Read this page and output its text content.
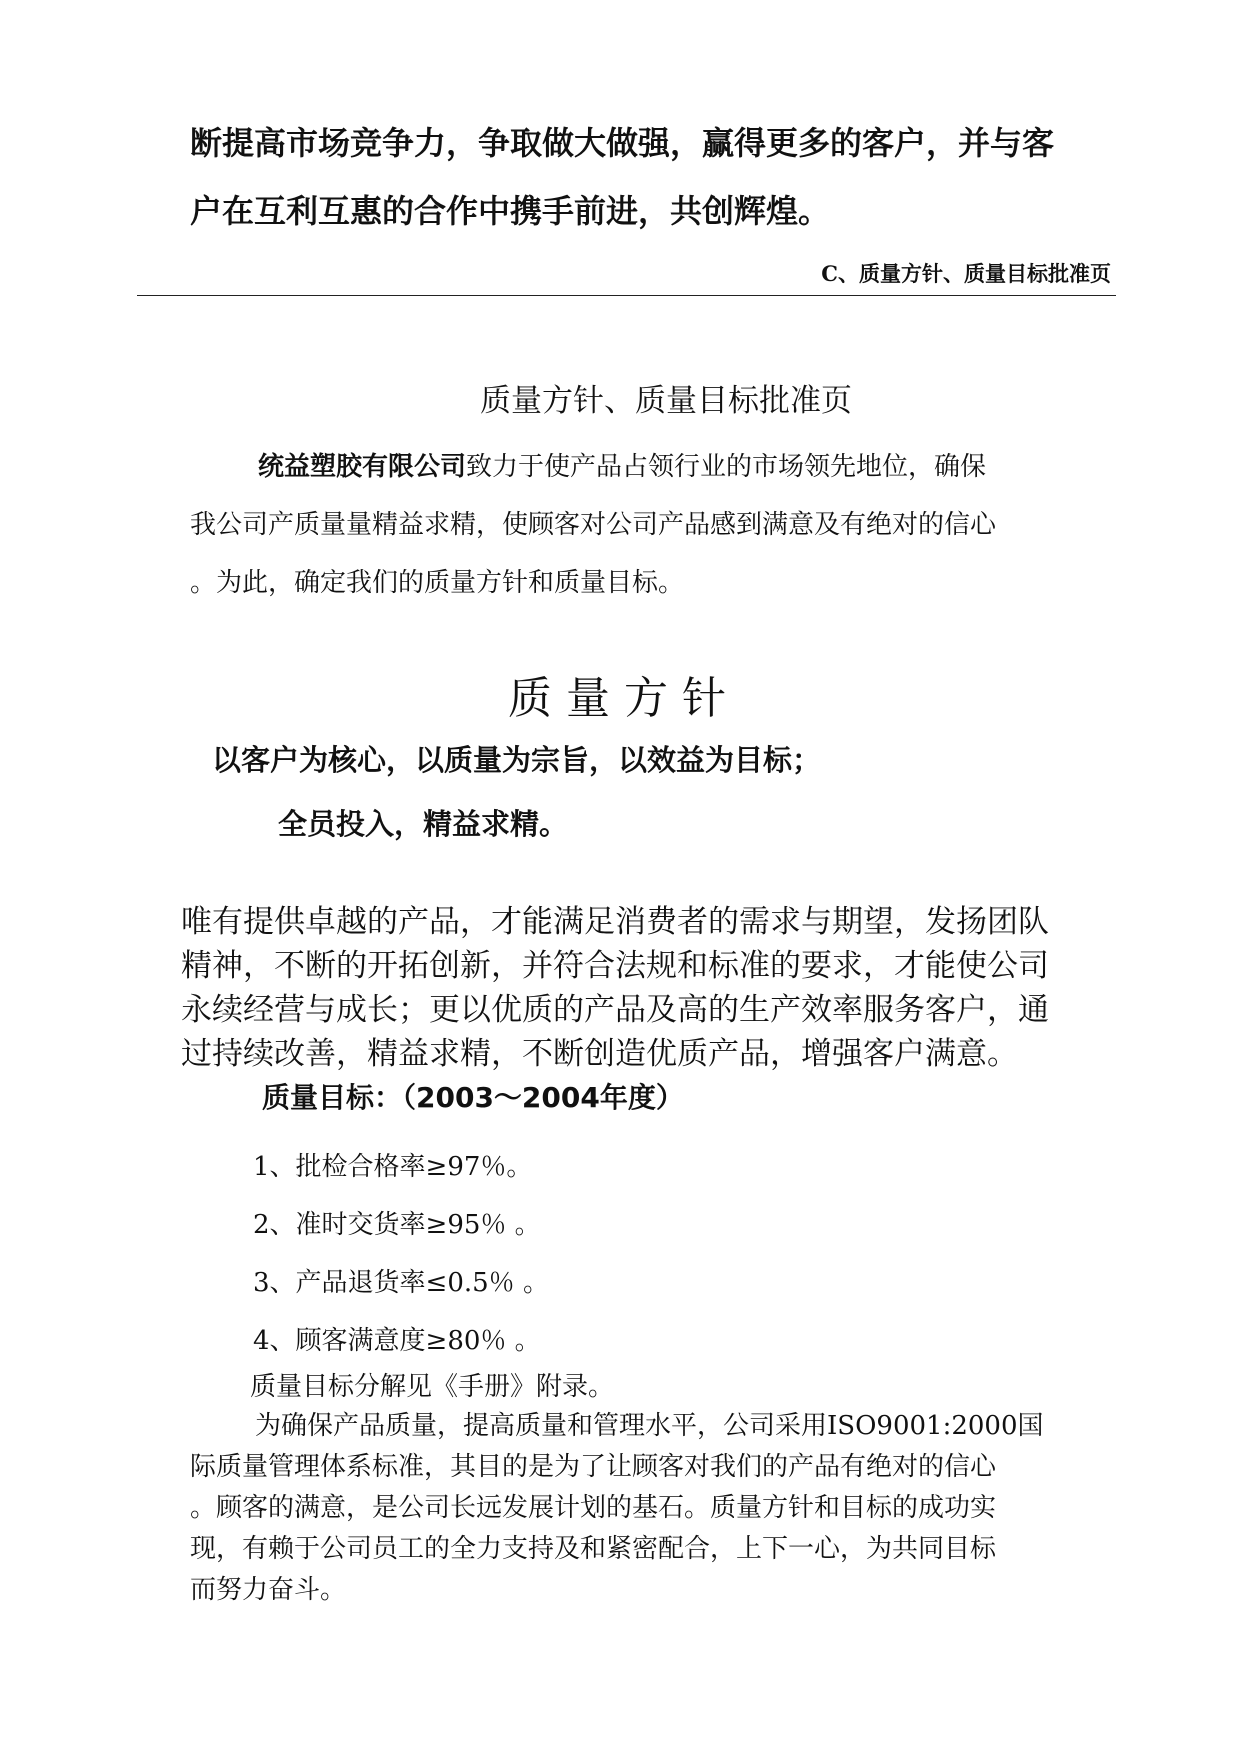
断提高市场竞争力，争取做大做强，赢得更多的客户，并与客
户在互利互惠的合作中携手前进，共创辉煌。
C、质量方针、质量目标批准页
质量方针、质量目标批准页
统益塑胶有限公司致力于使产品占领行业的市场领先地位，确保
我公司产质量量精益求精，使顾客对公司产品感到满意及有绝对的信心
。为此，确定我们的质量方针和质量目标。
质 量 方 针
以客户为核心，以质量为宗旨，以效益为目标；
全员投入，精益求精。
唯有提供卓越的产品，才能满足消费者的需求与期望，发扬团队
精神，不断的开拓创新，并符合法规和标准的要求，才能使公司
永续经营与成长；更以优质的产品及高的生产效率服务客户，通
过持续改善，精益求精，不断创造优质产品，增强客户满意。
质量目标：（2003～2004年度）
1、批检合格率≥97％。
2、准时交货率≥95％ 。
3、产品退货率≤0.5％ 。
4、顾客满意度≥80％ 。
质量目标分解见《手册》附录。
为确保产品质量，提高质量和管理水平，公司采用ISO9001:2000国
际质量管理体系标准，其目的是为了让顾客对我们的产品有绝对的信心
。顾客的满意，是公司长远发展计划的基石。质量方针和目标的成功实
现，有赖于公司员工的全力支持及和紧密配合，上下一心，为共同目标
而努力奋斗。
